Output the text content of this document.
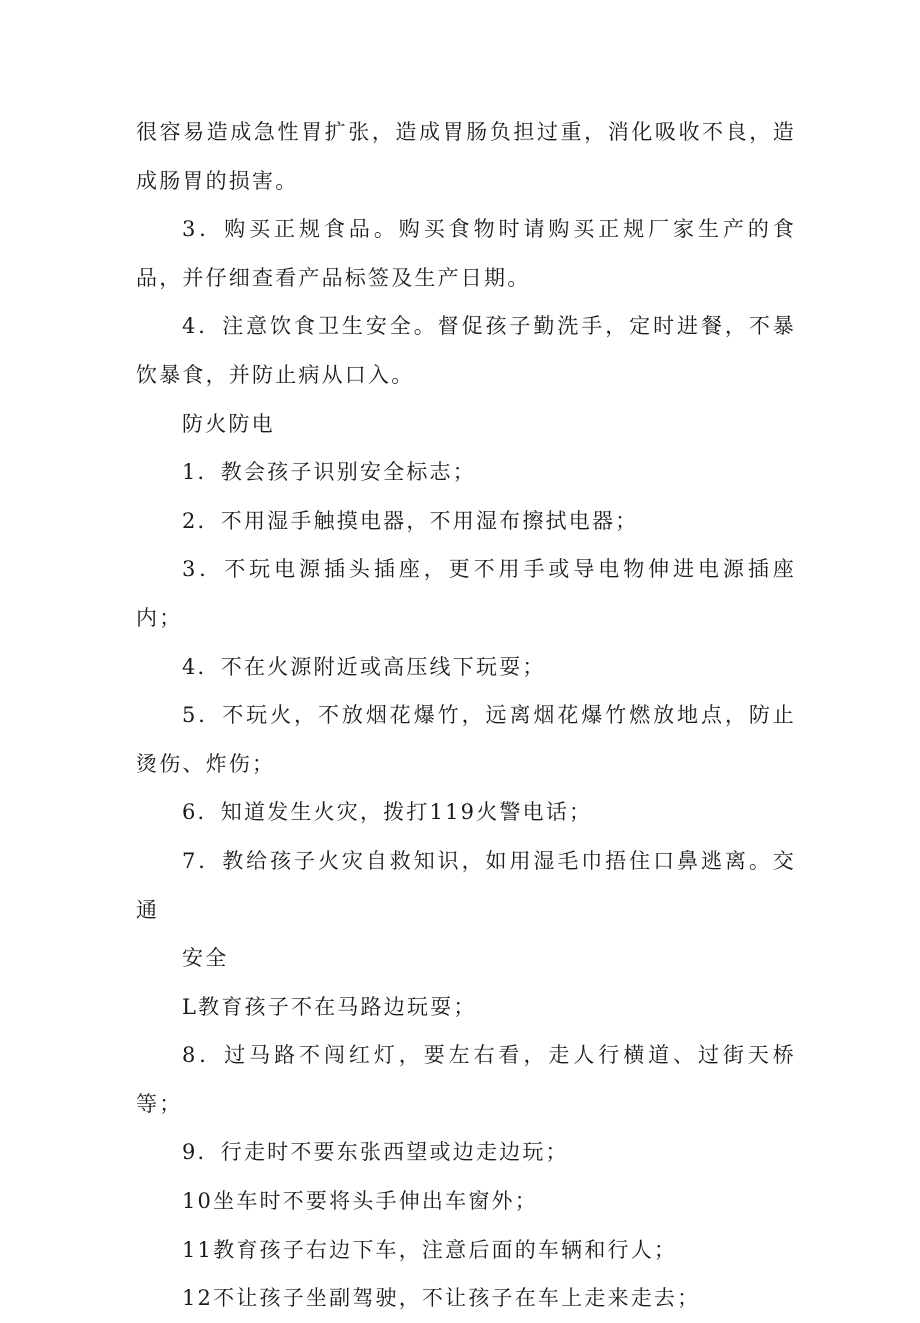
很容易造成急性胃扩张，造成胃肠负担过重，消化吸收不良，造成肠胃的损害。

3．购买正规食品。购买食物时请购买正规厂家生产的食品，并仔细查看产品标签及生产日期。

4．注意饮食卫生安全。督促孩子勤洗手，定时进餐，不暴饮暴食，并防止病从口入。

防火防电

1．教会孩子识别安全标志；

2．不用湿手触摸电器，不用湿布擦拭电器；

3．不玩电源插头插座，更不用手或导电物伸进电源插座内；

4．不在火源附近或高压线下玩耍；

5．不玩火，不放烟花爆竹，远离烟花爆竹燃放地点，防止烫伤、炸伤；

6．知道发生火灾，拨打119火警电话；

7．教给孩子火灾自救知识，如用湿毛巾捂住口鼻逃离。交通

安全

L教育孩子不在马路边玩耍；

8．过马路不闯红灯，要左右看，走人行横道、过街天桥等；

9．行走时不要东张西望或边走边玩；

10坐车时不要将头手伸出车窗外；

11教育孩子右边下车，注意后面的车辆和行人；

12不让孩子坐副驾驶，不让孩子在车上走来走去；
